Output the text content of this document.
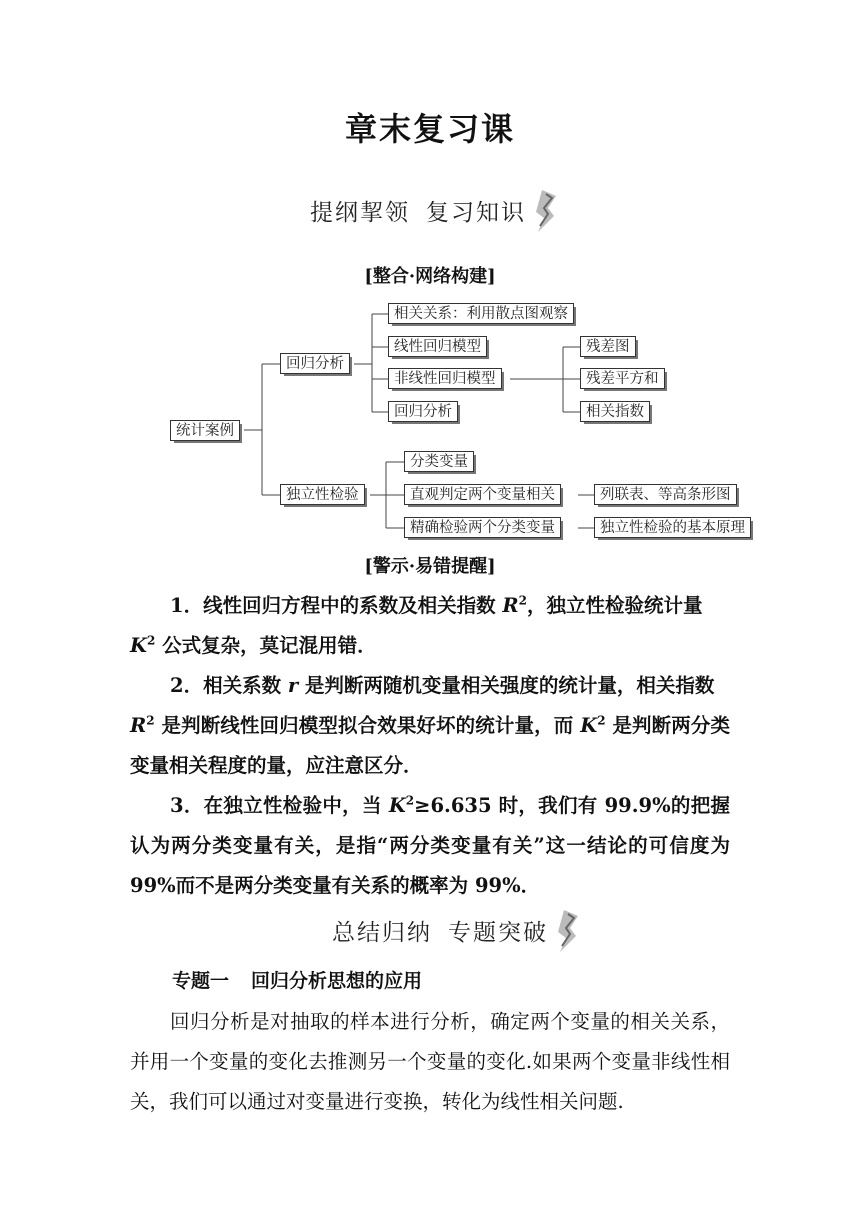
章末复习课
提纲挈领 复习知识
[整合·网络构建]
统计案例
回归分析
独立性检验
相关关系：利用散点图观察
线性回归模型
非线性回归模型
回归分析
残差图
残差平方和
相关指数
分类变量
直观判定两个变量相关
精确检验两个分类变量
列联表、等高条形图
独立性检验的基本原理
[警示·易错提醒]

1．线性回归方程中的系数及相关指数 $R^2$，独立性检验统计量
$K^2$ 公式复杂，莫记混用错．

2．相关系数 r 是判断两随机变量相关强度的统计量，相关指数
$R^2$ 是判断线性回归模型拟合效果好坏的统计量，而 $K^2$ 是判断两分类变量相关程度的量，应注意区分．

3．在独立性检验中，当 $K^2\ge 6.635$ 时，我们有 99.9%的把握认为两分类变量有关，是指“两分类变量有关”这一结论的可信度为 99%而不是两分类变量有关系的概率为 99%．

总结归纳 专题突破
专题一 回归分析思想的应用

回归分析是对抽取的样本进行分析，确定两个变量的相关关系，并用一个变量的变化去推测另一个变量的变化.如果两个变量非线性相关，我们可以通过对变量进行变换，转化为线性相关问题.
